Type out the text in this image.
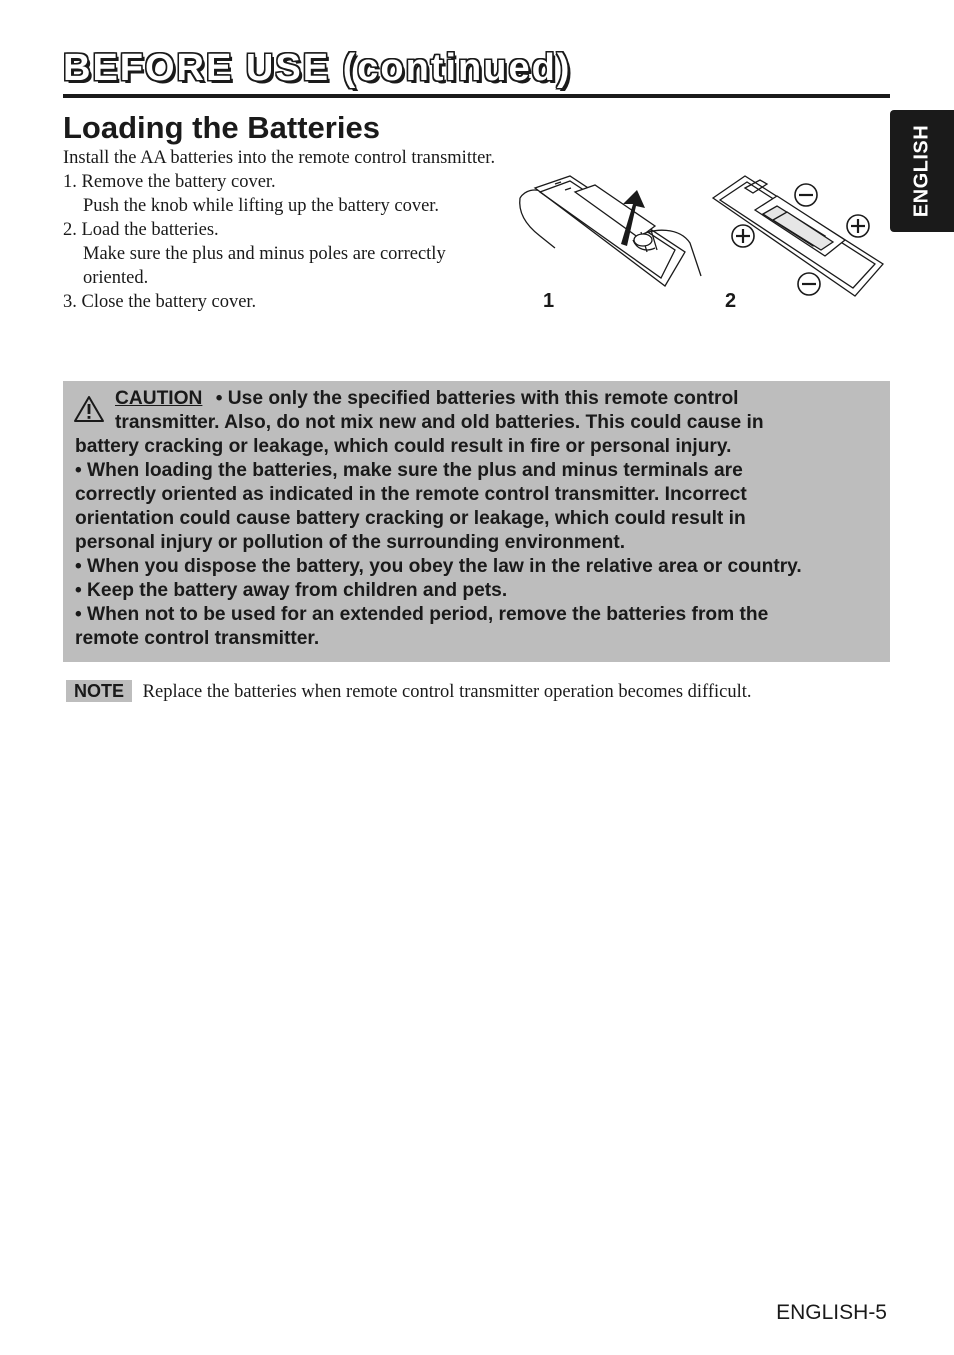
BEFORE USE (continued)
ENGLISH
Loading the Batteries

Install the AA batteries into the remote control transmitter.

1. Remove the battery cover.

Push the knob while lifting up the battery cover.

2. Load the batteries.

Make sure the plus and minus poles are correctly oriented.

3. Close the battery cover.	1	2

CAUTION • Use only the specified batteries with this remote control

transmitter. Also, do not mix new and old batteries. This could cause in

battery cracking or leakage, which could result in fire or personal injury.

• When loading the batteries, make sure the plus and minus terminals are

correctly oriented as indicated in the remote control transmitter. Incorrect

orientation could cause battery cracking or leakage, which could result in

personal injury or pollution of the surrounding environment.

• When you dispose the battery, you obey the law in the relative area or country.

• Keep the battery away from children and pets.

• When not to be used for an extended period, remove the batteries from the

remote control transmitter.

NOTE Replace the batteries when remote control transmitter operation becomes difficult.
ENGLISH-5
